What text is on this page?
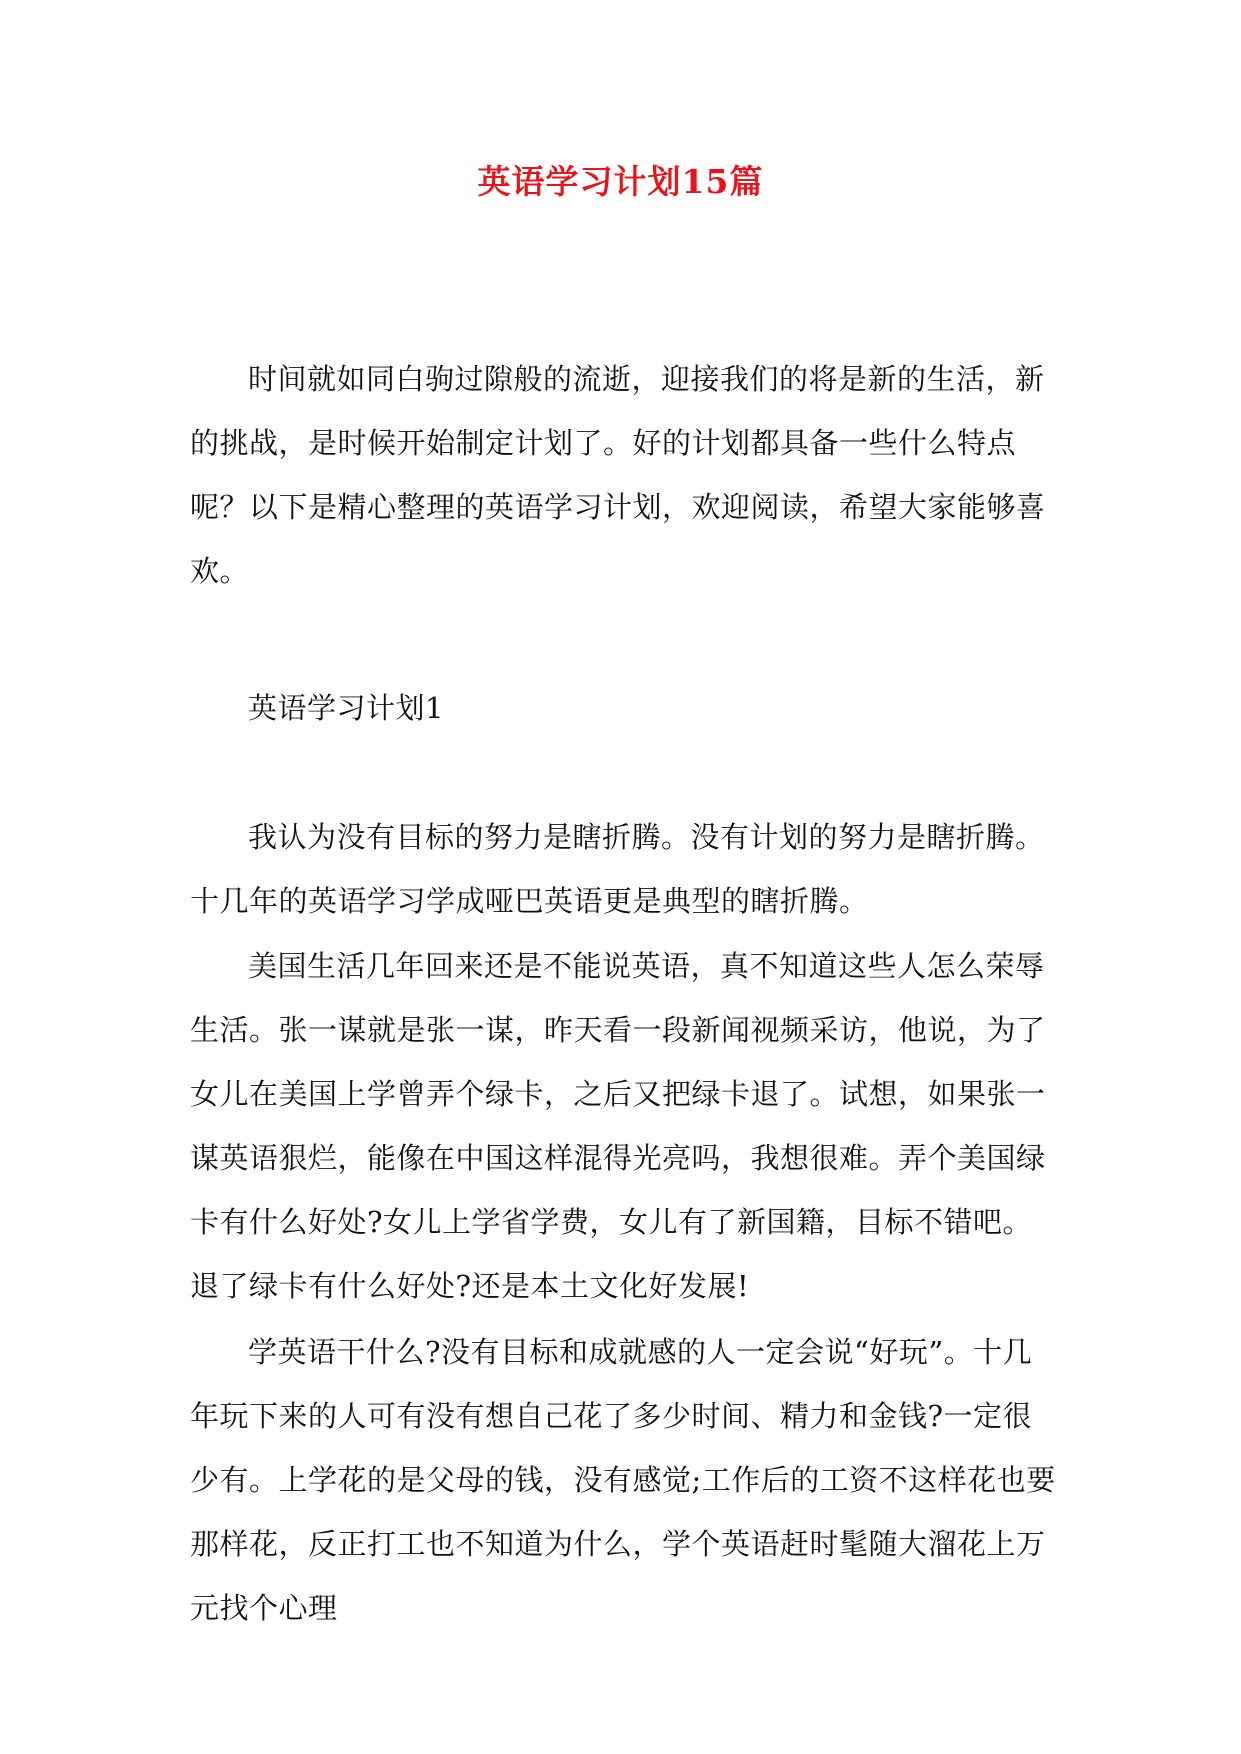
英语学习计划15篇

时间就如同白驹过隙般的流逝，迎接我们的将是新的生活，新的挑战，是时候开始制定计划了。好的计划都具备一些什么特点呢？以下是精心整理的英语学习计划，欢迎阅读，希望大家能够喜欢。

英语学习计划1

我认为没有目标的努力是瞎折腾。没有计划的努力是瞎折腾。十几年的英语学习学成哑巴英语更是典型的瞎折腾。

美国生活几年回来还是不能说英语，真不知道这些人怎么荣辱生活。张一谋就是张一谋，昨天看一段新闻视频采访，他说，为了女儿在美国上学曾弄个绿卡，之后又把绿卡退了。试想，如果张一谋英语狠烂，能像在中国这样混得光亮吗，我想很难。弄个美国绿卡有什么好处?女儿上学省学费，女儿有了新国籍，目标不错吧。退了绿卡有什么好处?还是本土文化好发展!

学英语干什么?没有目标和成就感的人一定会说“好玩”。十几年玩下来的人可有没有想自己花了多少时间、精力和金钱?一定很少有。上学花的是父母的钱，没有感觉;工作后的工资不这样花也要那样花，反正打工也不知道为什么，学个英语赶时髦随大溜花上万元找个心理
